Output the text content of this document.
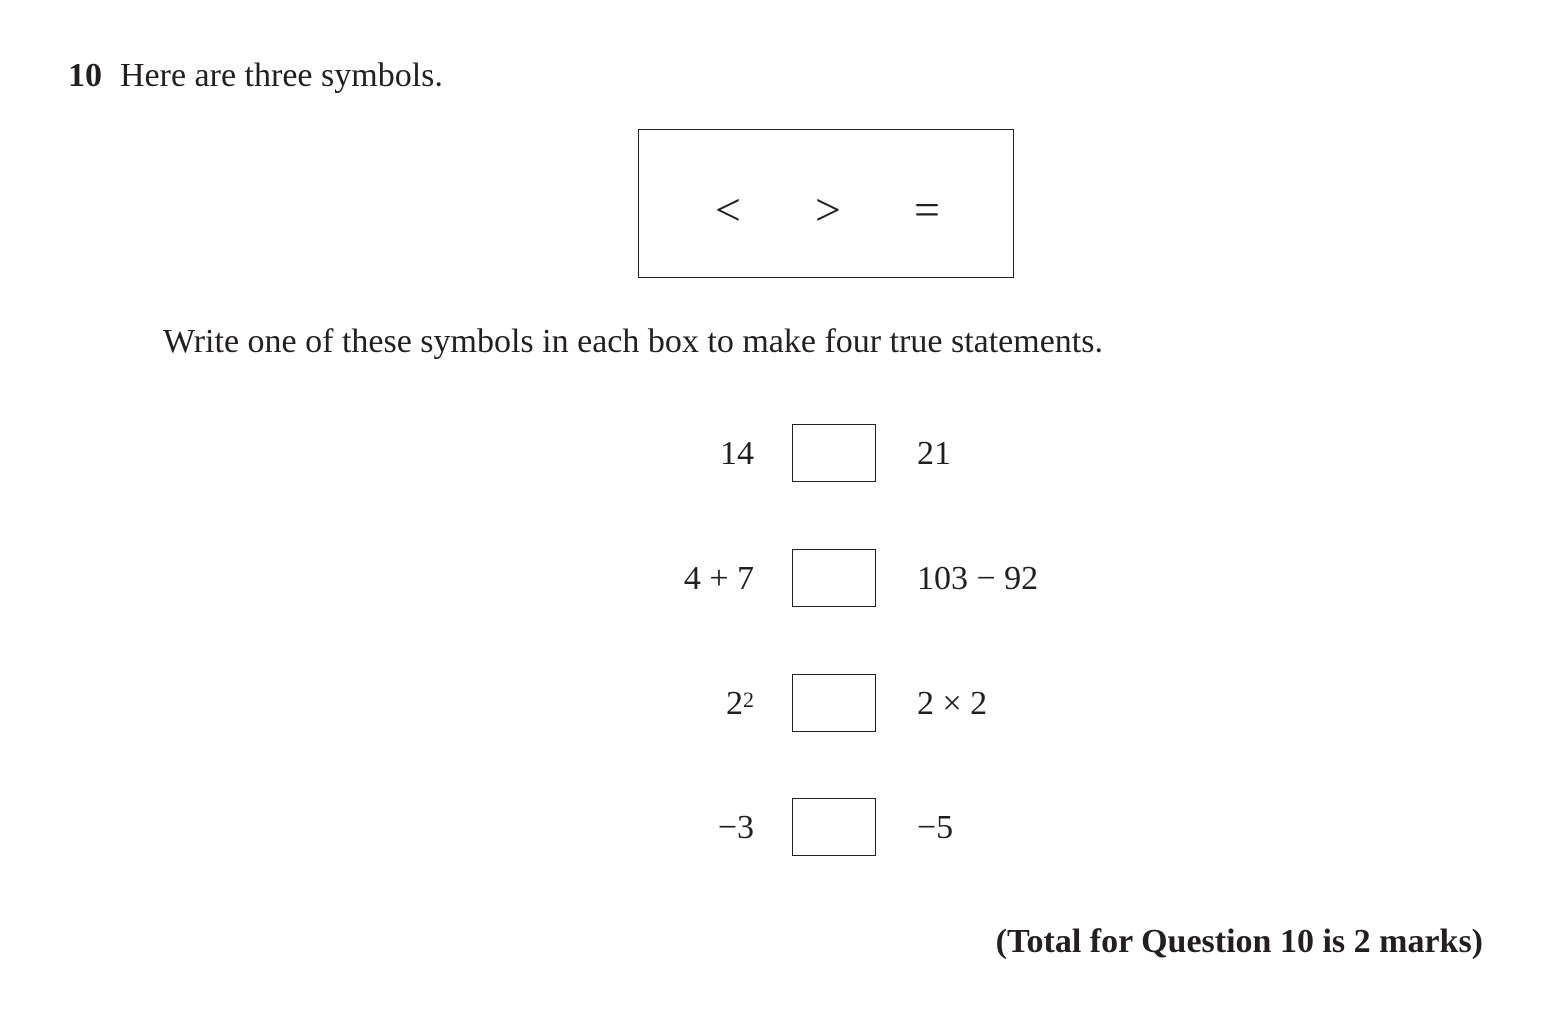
10 Here are three symbols.
<	>	=
Write one of these symbols in each box to make four true statements.
14	21
4 + 7	103 − 92
$2^2$	2 × 2
−3	−5
(Total for Question 10 is 2 marks)
